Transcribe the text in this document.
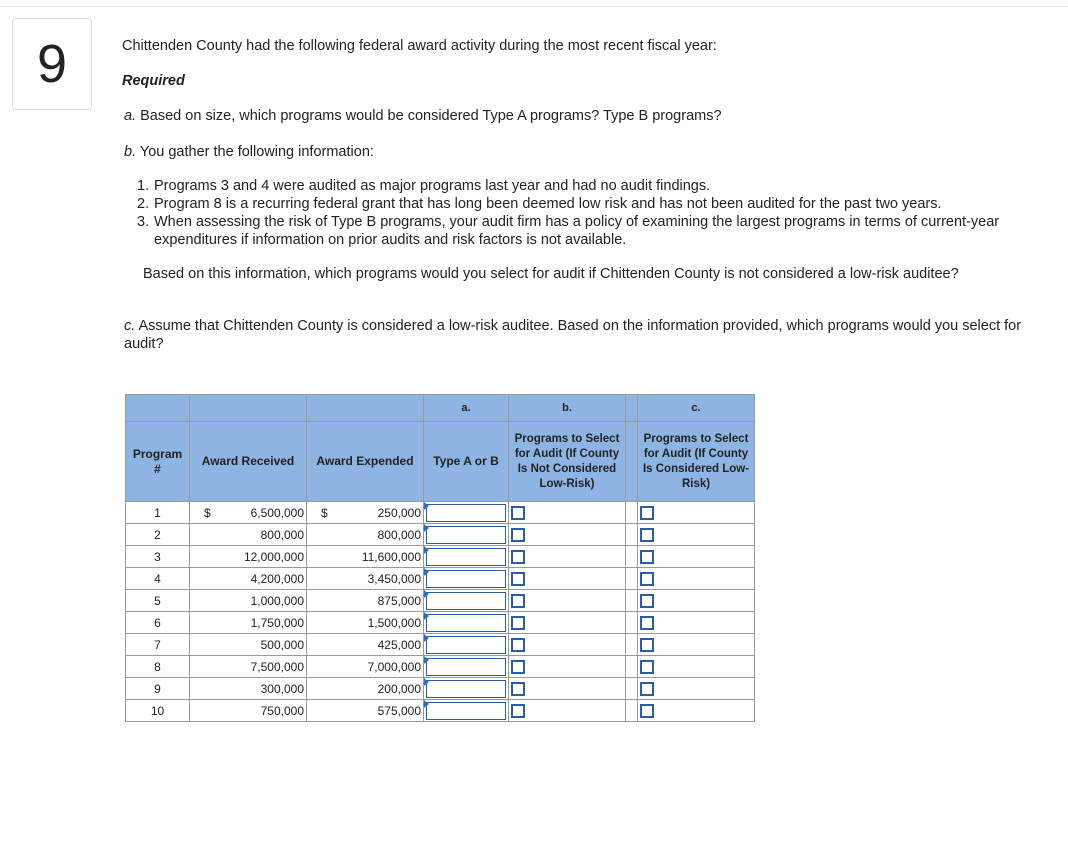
9	Chittenden County had the following federal award activity during the most recent fiscal year:
Required
a. Based on size, which programs would be considered Type A programs? Type B programs?
b. You gather the following information:
1. Programs 3 and 4 were audited as major programs last year and had no audit findings.
2. Program 8 is a recurring federal grant that has long been deemed low risk and has not been audited for the past two years.
3. When assessing the risk of Type B programs, your audit firm has a policy of examining the largest programs in terms of current-year expenditures if information on prior audits and risk factors is not available.
Based on this information, which programs would you select for audit if Chittenden County is not considered a low-risk auditee?
c. Assume that Chittenden County is considered a low-risk auditee. Based on the information provided, which programs would you select for audit?
			a.	b.		c.
Program #	Award Received	Award Expended	Type A or B	Programs to Select for Audit (If County Is Not Considered Low-Risk)		Programs to Select for Audit (If County Is Considered Low-Risk)
1	$ 6,500,000	$ 250,000

2	800,000	800,000	

3	12,000,000	11,600,000	

4	4,200,000	3,450,000	

5	1,000,000	875,000	

6	1,750,000	1,500,000	

7	500,000	425,000	

8	7,500,000	7,000,000	

9	300,000	200,000	

10	750,000	575,000	
